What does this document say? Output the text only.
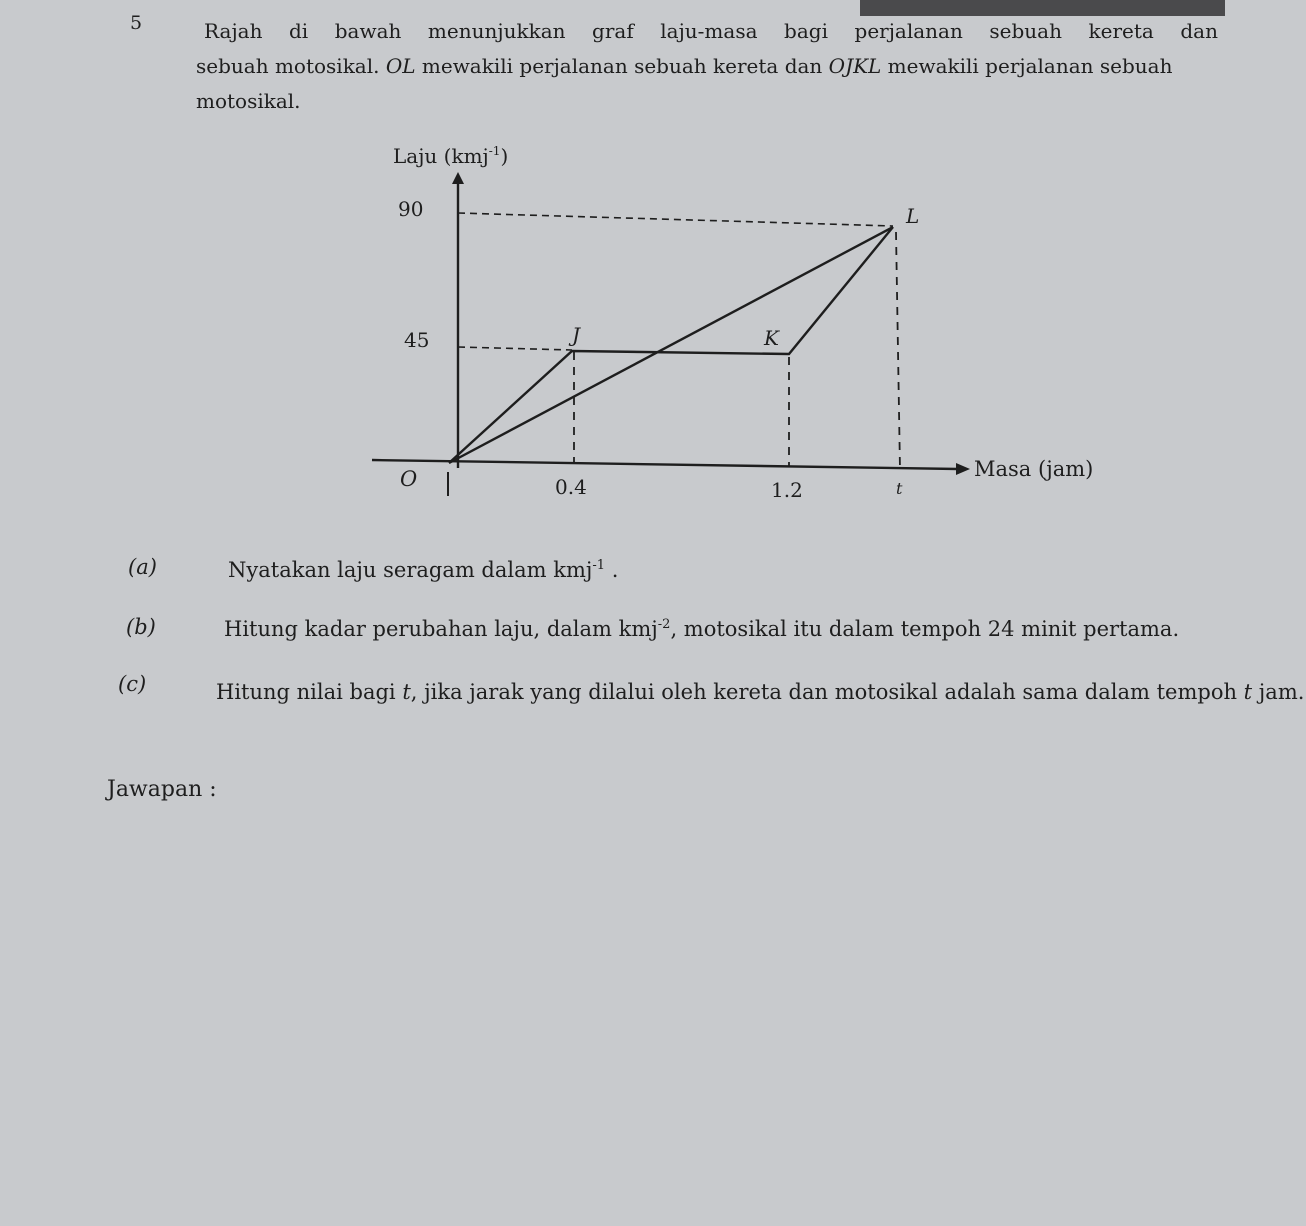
5	Rajah di bawah menunjukkan graf laju-masa bagi perjalanan sebuah kereta dan
sebuah motosikal. OL mewakili perjalanan sebuah kereta dan OJKL mewakili perjalanan sebuah
motosikal.
Laju (kmj$^{-1}$)
Masa (jam)
90
45
O	0.4	1.2	t
J	K
L
(a)	Nyatakan laju seragam dalam kmj$^{-1}$ .
(b)	Hitung kadar perubahan laju, dalam kmj$^{-2}$, motosikal itu dalam tempoh 24 minit pertama.
(c)	Hitung nilai bagi t, jika jarak yang dilalui oleh kereta dan motosikal adalah sama dalam tempoh t jam.
Jawapan :
